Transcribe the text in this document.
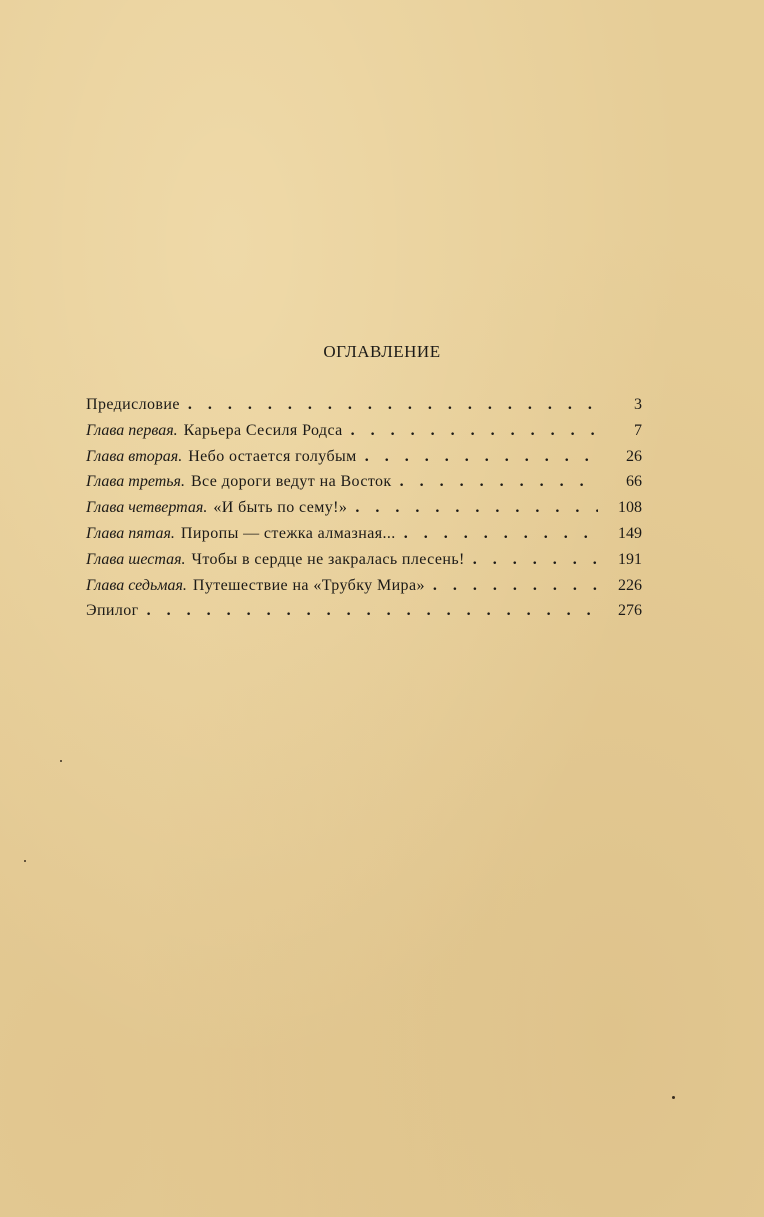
ОГЛАВЛЕНИЕ
Предисловие . . .	3
Глава первая. Карьера Сесиля Родса . . .	7
Глава вторая. Небо остается голубым . . .	26
Глава третья. Все дороги ведут на Восток . . .	66
Глава четвертая. «И быть по сему!» . . .	108
Глава пятая. Пиропы — стежка алмазная... . . .	149
Глава шестая. Чтобы в сердце не закралась плесень! . . .	191
Глава седьмая. Путешествие на «Трубку Мира» . . .	226
Эпилог . . .	276
